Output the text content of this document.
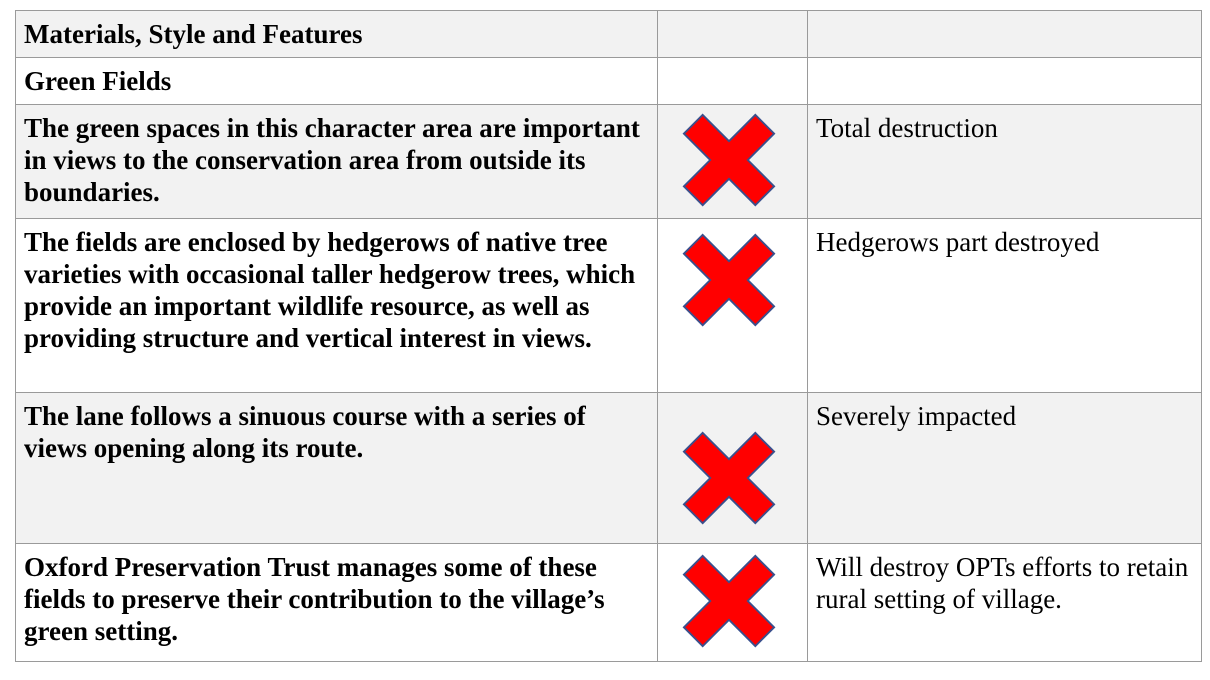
Materials, Style and Features		
Green Fields		
The green spaces in this character area are important in views to the conservation area from outside its boundaries.		Total destruction
The fields are enclosed by hedgerows of native tree varieties with occasional taller hedgerow trees, which provide an important wildlife resource, as well as providing structure and vertical interest in views.		Hedgerows part destroyed
The lane follows a sinuous course with a series of views opening along its route.		Severely impacted
Oxford Preservation Trust manages some of these fields to preserve their contribution to the village’s green setting.		Will destroy OPTs efforts to retain rural setting of village.
